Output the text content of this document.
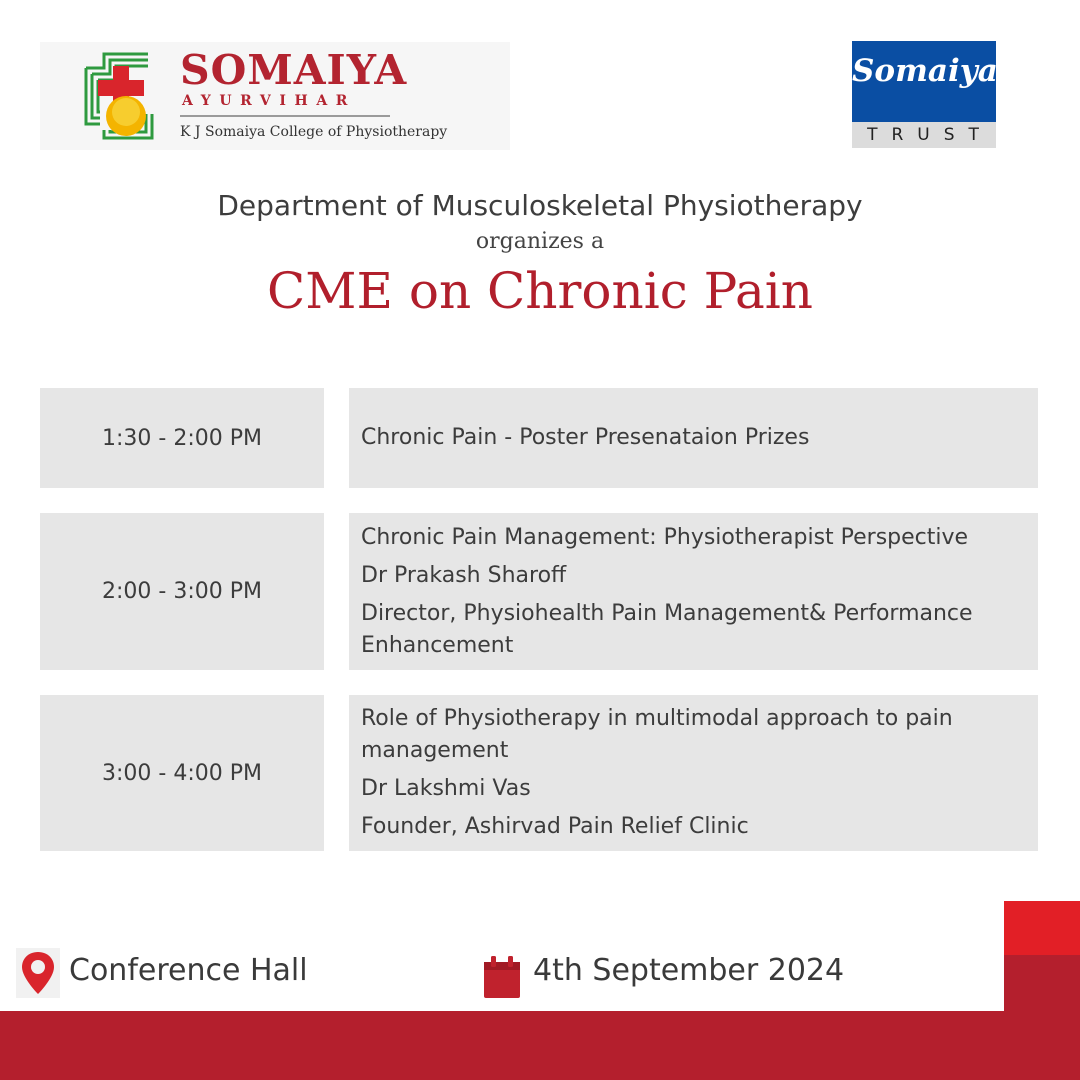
SOMAIYA
AYURVIHAR
K J Somaiya College of Physiotherapy
Somaiya
TRUST
Department of Musculoskeletal Physiotherapy
organizes a
CME on Chronic Pain
1:30 - 2:00 PM	Chronic Pain - Poster Presenataion Prizes
2:00 - 3:00 PM
Chronic Pain Management: Physiotherapist Perspective
Dr Prakash Sharoff
Director, Physiohealth Pain Management& Performance Enhancement
3:00 - 4:00 PM
Role of Physiotherapy in multimodal approach to pain management
Dr Lakshmi Vas
Founder, Ashirvad Pain Relief Clinic
Conference Hall	4th September 2024
